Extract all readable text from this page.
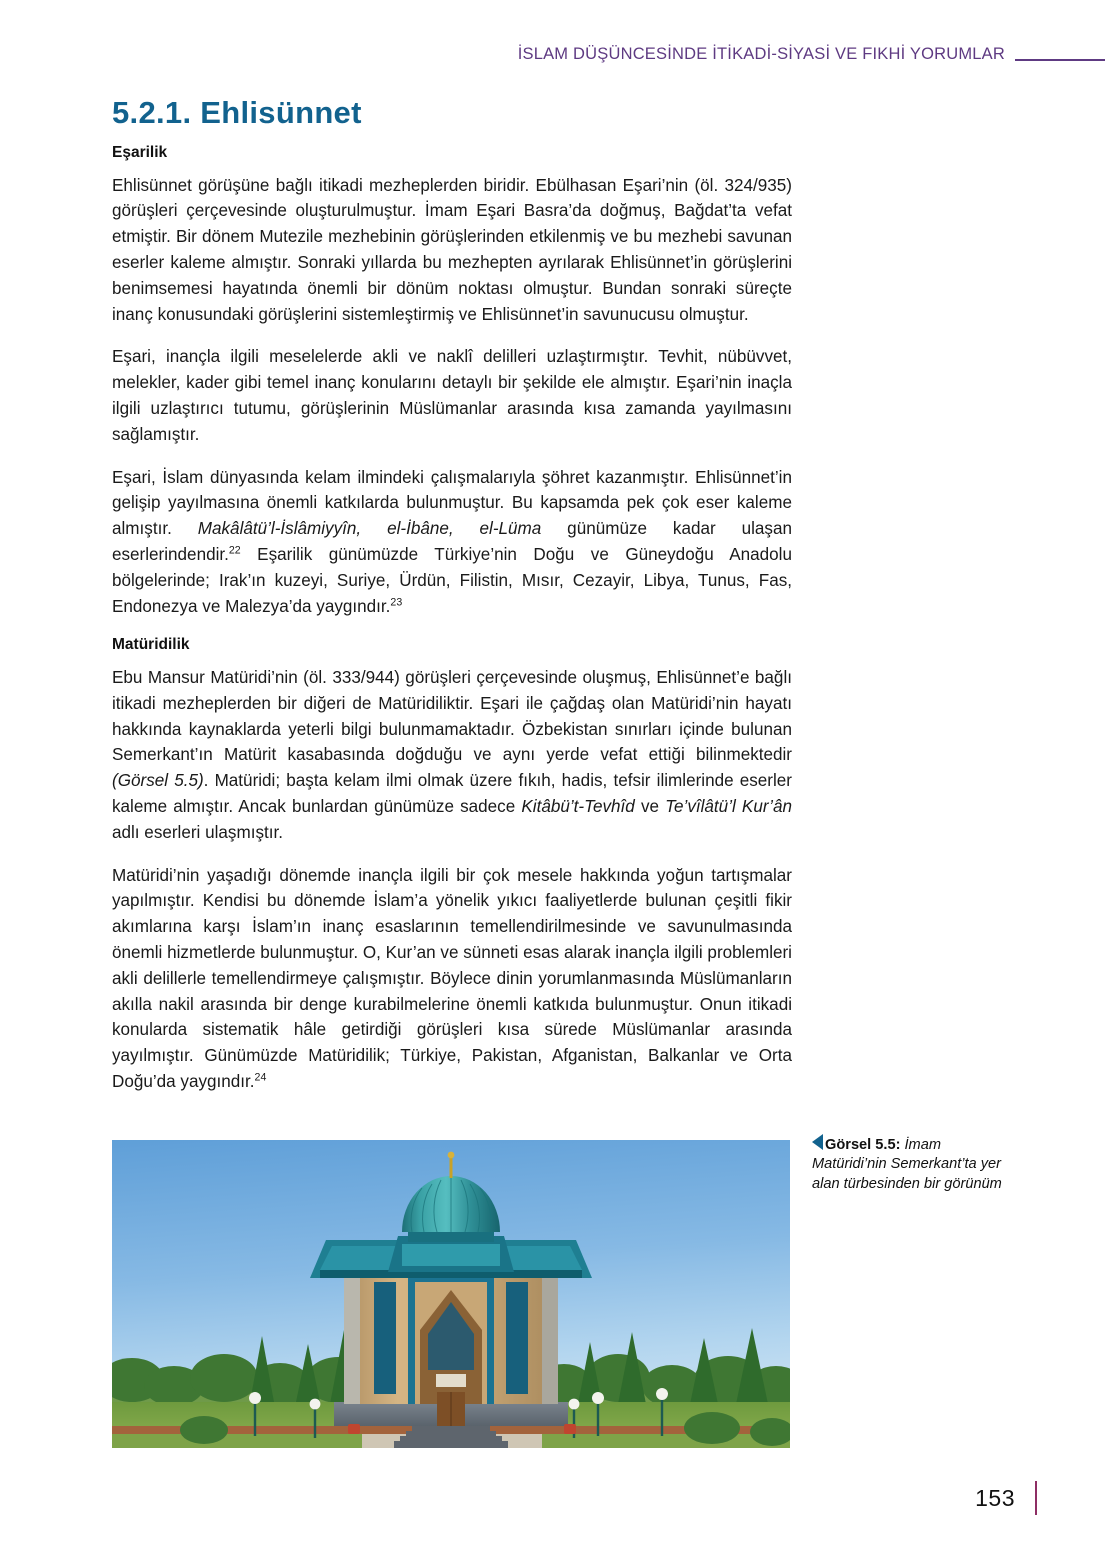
İSLAM DÜŞÜNCESİNDE İTİKADİ-SİYASİ VE FIKHİ YORUMLAR
5.2.1. Ehlisünnet
Eşarilik

Ehlisünnet görüşüne bağlı itikadi mezheplerden biridir. Ebülhasan Eşari’nin (öl. 324/935) görüşleri çerçevesinde oluşturulmuştur. İmam Eşari Basra’da doğmuş, Bağdat’ta vefat etmiştir. Bir dönem Mutezile mezhebinin görüşlerinden etkilenmiş ve bu mezhebi savunan eserler kaleme almıştır. Sonraki yıllarda bu mezhepten ayrılarak Ehlisünnet’in görüşlerini benimsemesi hayatında önemli bir dönüm noktası olmuştur. Bundan sonraki süreçte inanç konusundaki görüşlerini sistemleştirmiş ve Ehlisünnet’in savunucusu olmuştur.

Eşari, inançla ilgili meselelerde akli ve naklî delilleri uzlaştırmıştır. Tevhit, nübüvvet, melekler, kader gibi temel inanç konularını detaylı bir şekilde ele almıştır. Eşari’nin inaçla ilgili uzlaştırıcı tutumu, görüşlerinin Müslümanlar arasında kısa zamanda yayılmasını sağlamıştır.

Eşari, İslam dünyasında kelam ilmindeki çalışmalarıyla şöhret kazanmıştır. Ehlisünnet’in gelişip yayılmasına önemli katkılarda bulunmuştur. Bu kapsamda pek çok eser kaleme almıştır. Makâlâtü’l-İslâmiyyîn, el-İbâne, el-Lüma günümüze kadar ulaşan eserlerindendir.$^{22}$ Eşarilik günümüzde Türkiye’nin Doğu ve Güneydoğu Anadolu bölgelerinde; Irak’ın kuzeyi, Suriye, Ürdün, Filistin, Mısır, Cezayir, Libya, Tunus, Fas, Endonezya ve Malezya’da yaygındır.$^{23}$

Matüridilik

Ebu Mansur Matüridi’nin (öl. 333/944) görüşleri çerçevesinde oluşmuş, Ehlisünnet’e bağlı itikadi mezheplerden bir diğeri de Matüridiliktir. Eşari ile çağdaş olan Matüridi’nin hayatı hakkında kaynaklarda yeterli bilgi bulunmamaktadır. Özbekistan sınırları içinde bulunan Semerkant’ın Matürit kasabasında doğduğu ve aynı yerde vefat ettiği bilinmektedir (Görsel 5.5). Matüridi; başta kelam ilmi olmak üzere fıkıh, hadis, tefsir ilimlerinde eserler kaleme almıştır. Ancak bunlardan günümüze sadece Kitâbü’t-Tevhîd ve Te’vîlâtü’l Kur’ân adlı eserleri ulaşmıştır.

Matüridi’nin yaşadığı dönemde inançla ilgili bir çok mesele hakkında yoğun tartışmalar yapılmıştır. Kendisi bu dönemde İslam’a yönelik yıkıcı faaliyetlerde bulunan çeşitli fikir akımlarına karşı İslam’ın inanç esaslarının temellendirilmesinde ve savunulmasında önemli hizmetlerde bulunmuştur. O, Kur’an ve sünneti esas alarak inançla ilgili problemleri akli delillerle temellendirmeye çalışmıştır. Böylece dinin yorumlanmasında Müslümanların akılla nakil arasında bir denge kurabilmelerine önemli katkıda bulunmuştur. Onun itikadi konularda sistematik hâle getirdiği görüşleri kısa sürede Müslümanlar arasında yayılmıştır. Günümüzde Matüridilik; Türkiye, Pakistan, Afganistan, Balkanlar ve Orta Doğu’da yaygındır.$^{24}$

Görsel 5.5: İmam Matüridi’nin Semerkant’ta yer alan türbesinden bir görünüm
153
